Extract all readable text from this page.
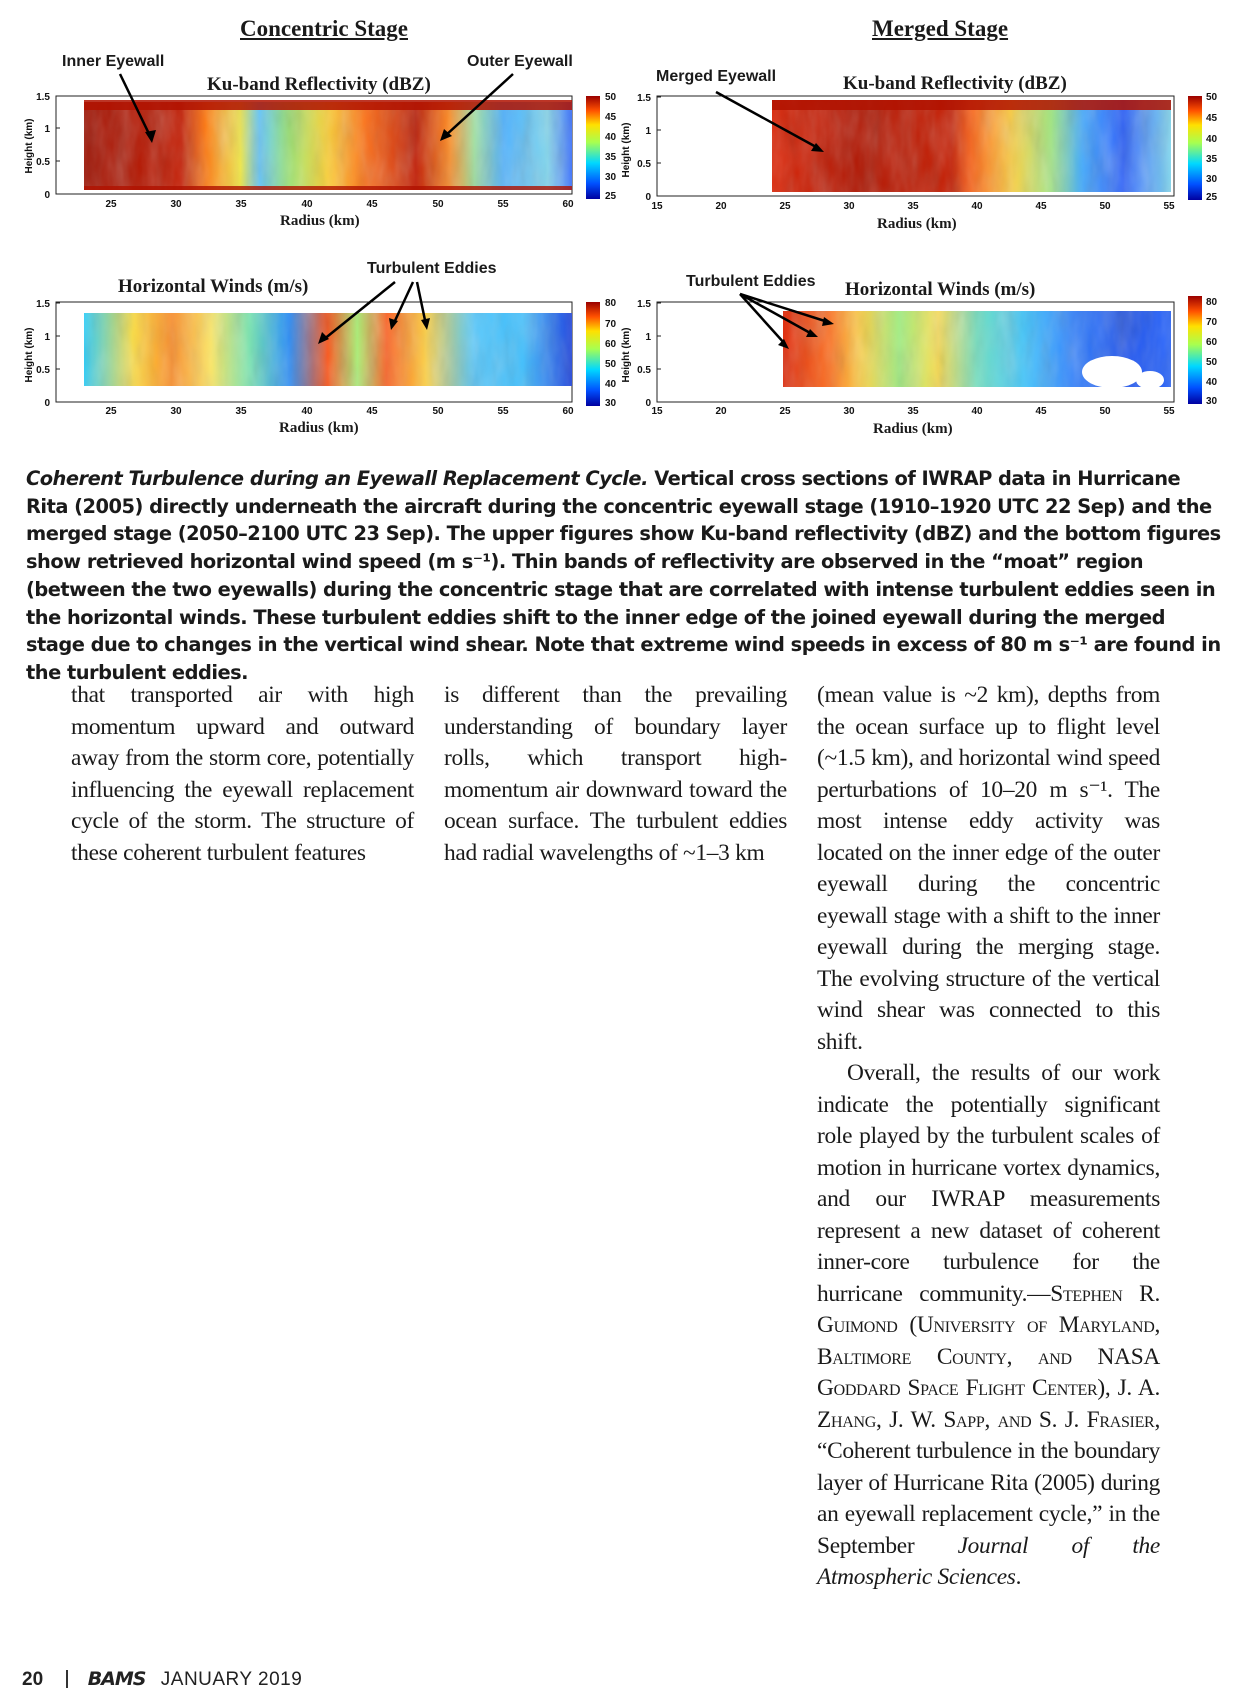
Concentric Stage	Merged Stage
Inner Eyewall	Outer Eyewall
Ku-band Reflectivity (dBZ)	Merged Eyewall	Ku-band Reflectivity (dBZ)
Turbulent Eddies
Horizontal Winds (m/s)	Turbulent Eddies Horizontal Winds (m/s)
Radius (km)	Radius (km)
Radius (km)	Radius (km)
0
0.5
1
1.5
Height (km)
25	30	35	40	45	50	55	60
50
45
40
35
30
25	0
0.5
1
1.5
Height (km)
15	20	25	30	35	40	45	50	55
50
45
40
35
30
25
0
0.5
1
1.5
Height (km)
25	30	35	40	45	50	55	60
80
70
60
50
40
30	0
0.5
1
1.5
Height (km)
15	20	25	30	35	40	45	50	55
80
70
60
50
40
30
Coherent Turbulence during an Eyewall Replacement Cycle. Vertical cross sections of IWRAP data in Hurricane Rita (2005) directly underneath the aircraft during the concentric eyewall stage (1910–1920 UTC 22 Sep) and the merged stage (2050–2100 UTC 23 Sep). The upper figures show Ku-band reflectivity (dBZ) and the bottom figures show retrieved horizontal wind speed (m s⁻¹). Thin bands of reflectivity are observed in the “moat” region (between the two eyewalls) during the concentric stage that are correlated with intense turbulent eddies seen in the horizontal winds. These turbulent eddies shift to the inner edge of the joined eyewall during the merged stage due to changes in the vertical wind shear. Note that extreme wind speeds in excess of 80 m s⁻¹ are found in the turbulent eddies.

that transported air with high momentum upward and outward away from the storm core, potentially influencing the eyewall replacement cycle of the storm. The structure of these coherent turbulent features

is different than the prevailing understanding of boundary layer rolls, which transport high-momentum air downward toward the ocean surface. The turbulent eddies had radial wavelengths of ~1–3 km

(mean value is ~2 km), depths from the ocean surface up to flight level (~1.5 km), and horizontal wind speed perturbations of 10–20 m s⁻¹. The most intense eddy activity was located on the inner edge of the outer eyewall during the concentric eyewall stage with a shift to the inner eyewall during the merging stage. The evolving structure of the vertical wind shear was connected to this shift.

Overall, the results of our work indicate the potentially significant role played by the turbulent scales of motion in hurricane vortex dynamics, and our IWRAP measurements represent a new dataset of coherent inner-core turbulence for the hurricane community.—Stephen R. Guimond (University of Maryland, Baltimore County, and NASA Goddard Space Flight Center), J. A. Zhang, J. W. Sapp, and S. J. Frasier, “Coherent turbulence in the boundary layer of Hurricane Rita (2005) during an eyewall replacement cycle,” in the September Journal of the Atmospheric Sciences.

20 BAMS JANUARY 2019
